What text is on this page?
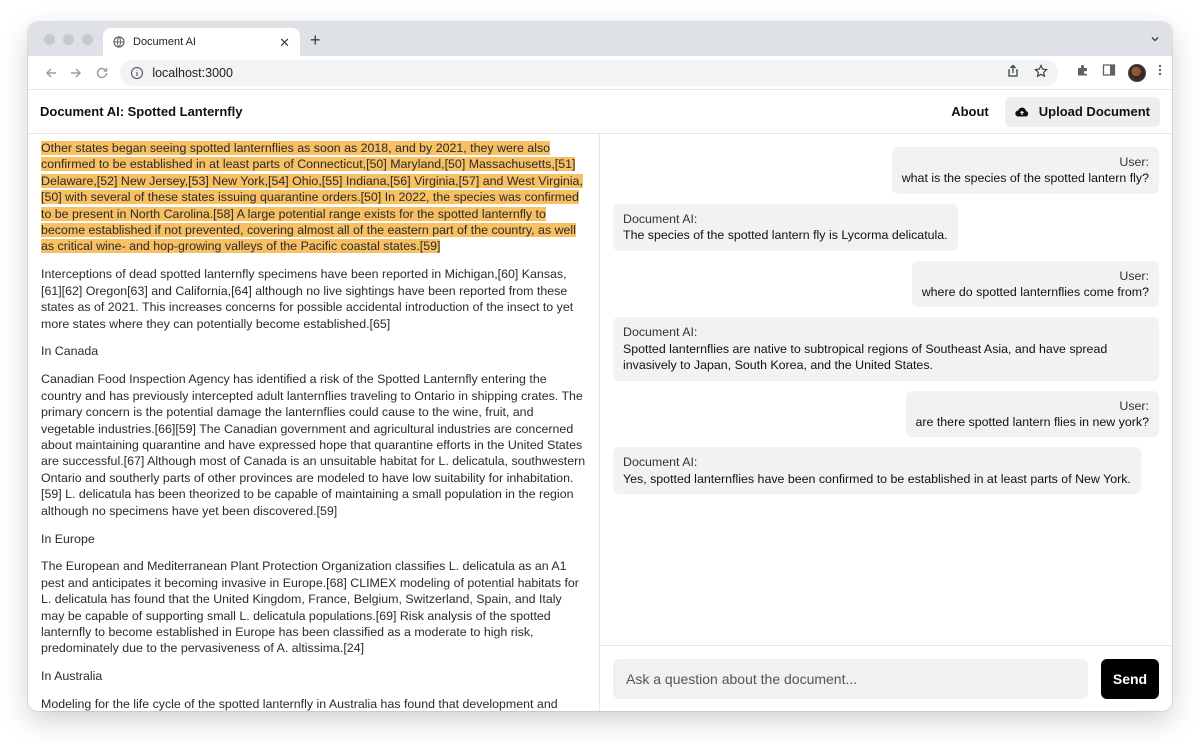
Document AI	✕ +
localhost:3000
Document AI: Spotted Lanternfly	About	Upload Document

Other states began seeing spotted lanternflies as soon as 2018, and by 2021, they were also confirmed to be established in at least parts of Connecticut,[50] Maryland,[50] Massachusetts,[51] Delaware,[52] New Jersey,[53] New York,[54] Ohio,[55] Indiana,[56] Virginia,[57] and West Virginia,[50] with several of these states issuing quarantine orders.[50] In 2022, the species was confirmed to be present in North Carolina.[58] A large potential range exists for the spotted lanternfly to become established if not prevented, covering almost all of the eastern part of the country, as well as critical wine- and hop-growing valleys of the Pacific coastal states.[59]

Interceptions of dead spotted lanternfly specimens have been reported in Michigan,[60] Kansas,[61][62] Oregon[63] and California,[64] although no live sightings have been reported from these states as of 2021. This increases concerns for possible accidental introduction of the insect to yet more states where they can potentially become established.[65]

In Canada

Canadian Food Inspection Agency has identified a risk of the Spotted Lanternfly entering the country and has previously intercepted adult lanternflies traveling to Ontario in shipping crates. The primary concern is the potential damage the lanternflies could cause to the wine, fruit, and vegetable industries.[66][59] The Canadian government and agricultural industries are concerned about maintaining quarantine and have expressed hope that quarantine efforts in the United States are successful.[67] Although most of Canada is an unsuitable habitat for L. delicatula, southwestern Ontario and southerly parts of other provinces are modeled to have low suitability for inhabitation.[59] L. delicatula has been theorized to be capable of maintaining a small population in the region although no specimens have yet been discovered.[59]

In Europe

The European and Mediterranean Plant Protection Organization classifies L. delicatula as an A1 pest and anticipates it becoming invasive in Europe.[68] CLIMEX modeling of potential habitats for L. delicatula has found that the United Kingdom, France, Belgium, Switzerland, Spain, and Italy may be capable of supporting small L. delicatula populations.[69] Risk analysis of the spotted lanternfly to become established in Europe has been classified as a moderate to high risk, predominately due to the pervasiveness of A. altissima.[24]

In Australia

Modeling for the life cycle of the spotted lanternfly in Australia has found that development and

User:
what is the species of the spotted lantern fly?
Document AI:
The species of the spotted lantern fly is Lycorma delicatula.
User:
where do spotted lanternflies come from?
Document AI:
Spotted lanternflies are native to subtropical regions of Southeast Asia, and have spread invasively to Japan, South Korea, and the United States.
User:
are there spotted lantern flies in new york?
Document AI:
Yes, spotted lanternflies have been confirmed to be established in at least parts of New York.
Ask a question about the document...
Send
